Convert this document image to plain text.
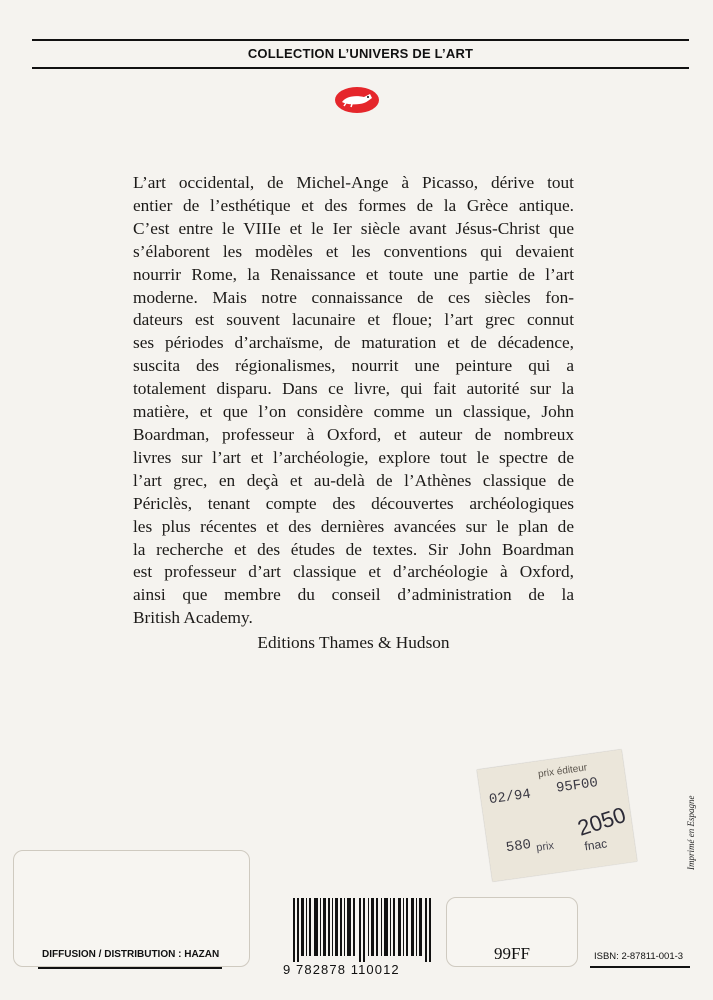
COLLECTION L’UNIVERS DE L’ART
L’art occidental, de Michel-Ange à Picasso, dérive tout
entier de l’esthétique et des formes de la Grèce antique.
C’est entre le VIIIe et le Ier siècle avant Jésus-Christ que
s’élaborent les modèles et les conventions qui devaient
nourrir Rome, la Renaissance et toute une partie de l’art
moderne. Mais notre connaissance de ces siècles fon-
dateurs est souvent lacunaire et floue; l’art grec connut
ses périodes d’archaïsme, de maturation et de décadence,
suscita des régionalismes, nourrit une peinture qui a
totalement disparu. Dans ce livre, qui fait autorité sur la
matière, et que l’on considère comme un classique, John
Boardman, professeur à Oxford, et auteur de nombreux
livres sur l’art et l’archéologie, explore tout le spectre de
l’art grec, en deçà et au-delà de l’Athènes classique de
Périclès, tenant compte des découvertes archéologiques
les plus récentes et des dernières avancées sur le plan de
la recherche et des études de textes. Sir John Boardman
est professeur d’art classique et d’archéologie à Oxford,
ainsi que membre du conseil d’administration de la
British Academy.
Editions Thames & Hudson
prix éditeur
02/94
95F00
580 prix
2050
fnac	Imprimé en Espagne
DIFFUSION / DISTRIBUTION : HAZAN
9 782878 110012
99FF	ISBN: 2-87811-001-3
